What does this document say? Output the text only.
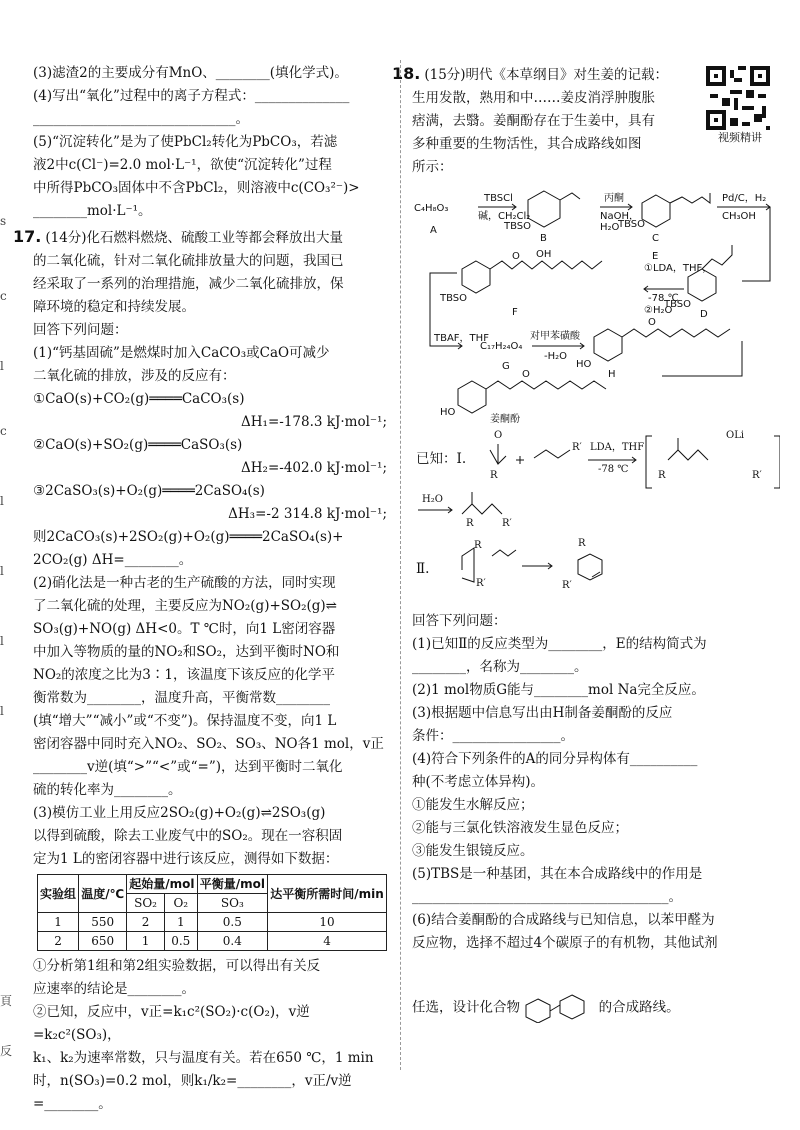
(3)滤渣2的主要成分有MnO、________(填化学式)。

(4)写出“氧化”过程中的离子方程式：______________

______________________________。

(5)“沉淀转化”是为了使PbCl₂转化为PbCO₃，若滤

液2中c(Cl⁻)=2.0 mol·L⁻¹，欲使“沉淀转化”过程

中所得PbCO₃固体中不含PbCl₂，则溶液中c(CO₃²⁻)>

________mol·L⁻¹。

17. (14分)化石燃料燃烧、硫酸工业等都会释放出大量

的二氧化硫，针对二氧化硫排放量大的问题，我国已

经采取了一系列的治理措施，减少二氧化硫排放，保

障环境的稳定和持续发展。

回答下列问题：

(1)“钙基固硫”是燃煤时加入CaCO₃或CaO可减少

二氧化硫的排放，涉及的反应有：

①CaO(s)+CO₂(g)════CaCO₃(s)

ΔH₁=-178.3 kJ·mol⁻¹;

②CaO(s)+SO₂(g)════CaSO₃(s)

ΔH₂=-402.0 kJ·mol⁻¹;

③2CaSO₃(s)+O₂(g)════2CaSO₄(s)

ΔH₃=-2 314.8 kJ·mol⁻¹;

则2CaCO₃(s)+2SO₂(g)+O₂(g)════2CaSO₄(s)+

2CO₂(g) ΔH=________。

(2)硝化法是一种古老的生产硫酸的方法，同时实现

了二氧化硫的处理，主要反应为NO₂(g)+SO₂(g)⇌

SO₃(g)+NO(g) ΔH<0。T ℃时，向1 L密闭容器

中加入等物质的量的NO₂和SO₂，达到平衡时NO和

NO₂的浓度之比为3∶1，该温度下该反应的化学平

衡常数为________，温度升高，平衡常数________

(填“增大”“减小”或“不变”)。保持温度不变，向1 L

密闭容器中同时充入NO₂、SO₂、SO₃、NO各1 mol，v正

________v逆(填“>”“<”或“=”)，达到平衡时二氧化

硫的转化率为________。

(3)模仿工业上用反应2SO₂(g)+O₂(g)⇌2SO₃(g)

以得到硫酸，除去工业废气中的SO₂。现在一容积固

定为1 L的密闭容器中进行该反应，测得如下数据：

实验组	温度/℃	起始量/mol		平衡量/mol	达平衡所需时间/min
		SO₂	O₂	SO₃	
1	550	2	1	0.5	10
2	650	1	0.5	0.4	4

①分析第1组和第2组实验数据，可以得出有关反

应速率的结论是________。

②已知，反应中，v正=k₁c²(SO₂)·c(O₂)，v逆=k₂c²(SO₃)，

k₁、k₂为速率常数，只与温度有关。若在650 ℃，1 min

时，n(SO₃)=0.2 mol，则k₁/k₂=________，v正/v逆=________。

18. (15分)明代《本草纲目》对生姜的记载：

生用发散，熟用和中……姜皮消浮肿腹胀

痞满，去翳。姜酮酚存在于生姜中，具有

多种重要的生物活性，其合成路线如图

所示：

C₄H₈O₃
A
TBSCl
碱，CH₂Cl₂
TBSO
B
丙酮
NaOH，H₂O
TBSO
C
Pd/C，H₂
CH₃OH
E
①LDA，THF，
-78 ℃
②H₂O
TBSO
D
TBSO
O OH
F
TBAF，THF
C₁₇H₂₄O₄
G
对甲苯磺酸
-H₂O
HO
O
H
HO
O
姜酮酚
已知：Ⅰ.
O
R
R′ LDA，THF
-78 ℃
OLi
R	R′
H₂O
R	R′
Ⅱ.
R
R′
R
R′

回答下列问题：

(1)已知Ⅱ的反应类型为________，E的结构简式为

________，名称为________。

(2)1 mol物质G能与________mol Na完全反应。

(3)根据题中信息写出由H制备姜酮酚的反应

条件：________________。

(4)符合下列条件的A的同分异构体有__________

种(不考虑立体异构)。

①能发生水解反应；

②能与三氯化铁溶液发生显色反应；

③能发生银镜反应。

(5)TBS是一种基团，其在本合成路线中的作用是

______________________________________。

(6)结合姜酮酚的合成路线与已知信息，以苯甲醛为

反应物，选择不超过4个碳原子的有机物，其他试剂

任选，设计化合物	的合成路线。

视频精讲
s
c
l
c
l
l
l
l
頁
反
